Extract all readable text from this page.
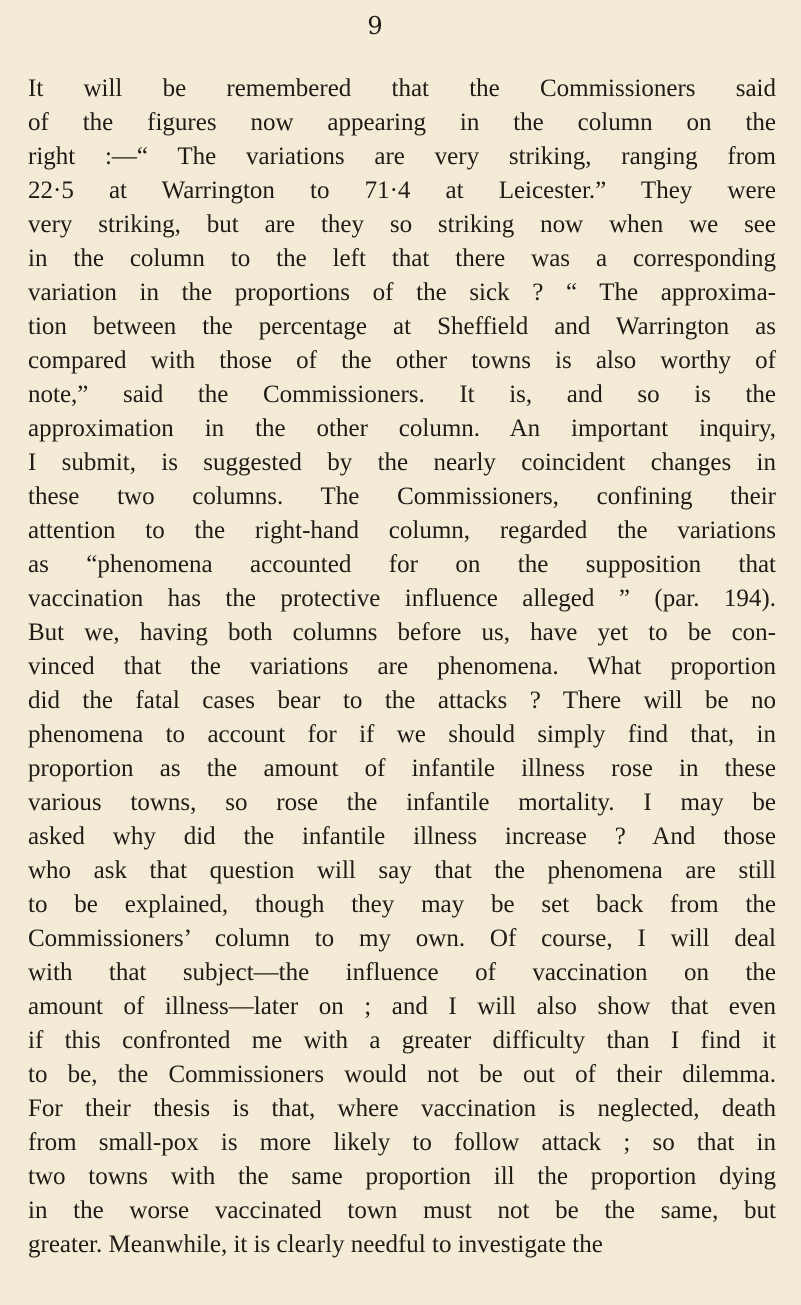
9
It will be remembered that the Commissioners said
of the figures now appearing in the column on the
right :—“ The variations are very striking, ranging from
22·5 at Warrington to 71·4 at Leicester.” They were
very striking, but are they so striking now when we see
in the column to the left that there was a corresponding
variation in the proportions of the sick ? “ The approxima-
tion between the percentage at Sheffield and Warrington as
compared with those of the other towns is also worthy of
note,” said the Commissioners. It is, and so is the
approximation in the other column. An important inquiry,
I submit, is suggested by the nearly coincident changes in
these two columns. The Commissioners, confining their
attention to the right-hand column, regarded the variations
as “phenomena accounted for on the supposition that
vaccination has the protective influence alleged ” (par. 194).
But we, having both columns before us, have yet to be con-
vinced that the variations are phenomena. What proportion
did the fatal cases bear to the attacks ? There will be no
phenomena to account for if we should simply find that, in
proportion as the amount of infantile illness rose in these
various towns, so rose the infantile mortality. I may be
asked why did the infantile illness increase ? And those
who ask that question will say that the phenomena are still
to be explained, though they may be set back from the
Commissioners’ column to my own. Of course, I will deal
with that subject—the influence of vaccination on the
amount of illness—later on ; and I will also show that even
if this confronted me with a greater difficulty than I find it
to be, the Commissioners would not be out of their dilemma.
For their thesis is that, where vaccination is neglected, death
from small-pox is more likely to follow attack ; so that in
two towns with the same proportion ill the proportion dying
in the worse vaccinated town must not be the same, but
greater. Meanwhile, it is clearly needful to investigate the
